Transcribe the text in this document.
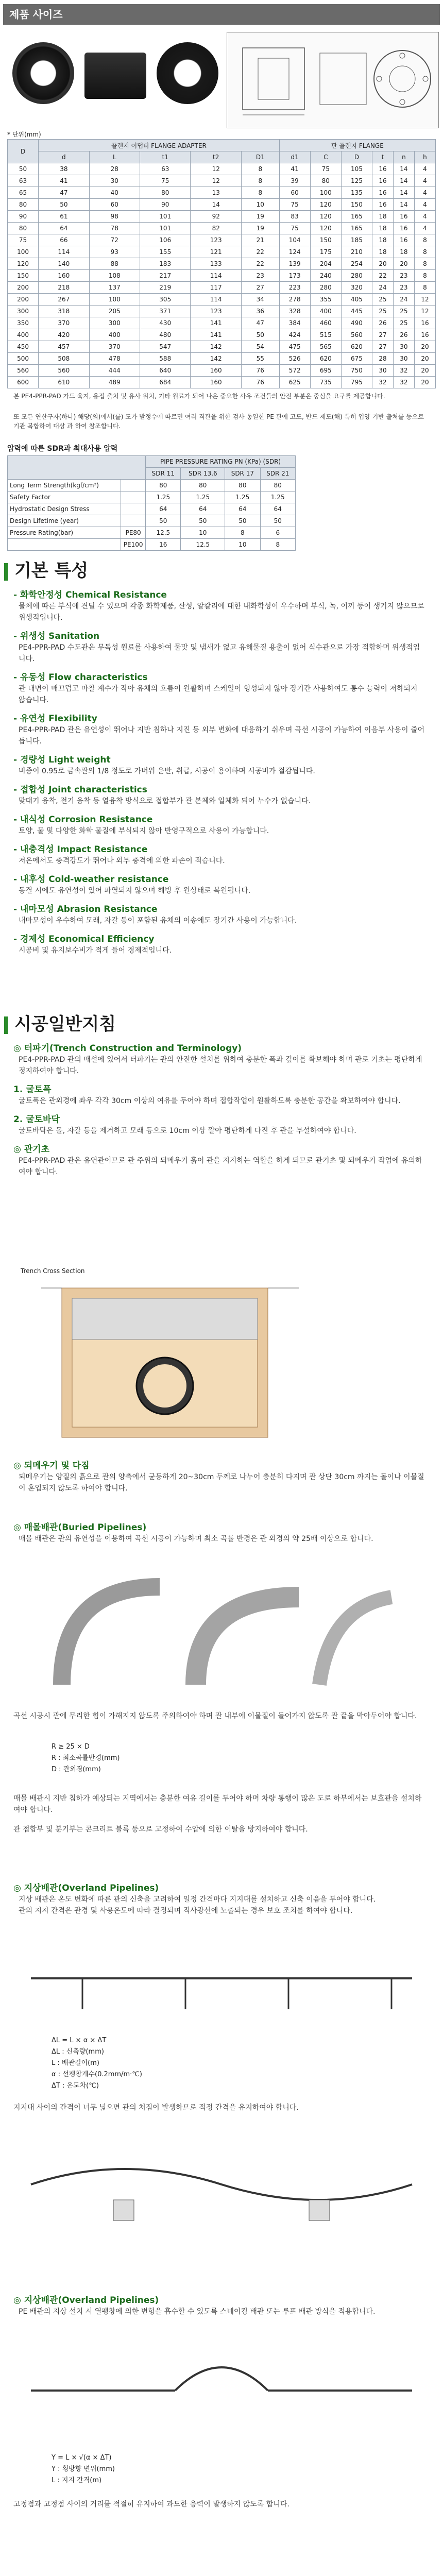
제품 사이즈
* 단위(mm)
D	플랜지 어댑터 FLANGE ADAPTER					판 플랜지 FLANGE					
	d	L	t1	t2	D1	d1	C	D	t	n	h
50	38	28	63	12	8	41	75	105	16	14	4
63	41	30	75	12	8	39	80	125	16	14	4
65	47	40	80	13	8	60	100	135	16	14	4
80	50	60	90	14	10	75	120	150	16	14	4
90	61	98	101	92	19	83	120	165	18	16	4
80	64	78	101	82	19	75	120	165	18	16	4
75	66	72	106	123	21	104	150	185	18	16	8
100	114	93	155	121	22	124	175	210	18	18	8
120	140	88	183	133	22	139	204	254	20	20	8
150	160	108	217	114	23	173	240	280	22	23	8
200	218	137	219	117	27	223	280	320	24	23	8
200	267	100	305	114	34	278	355	405	25	24	12
300	318	205	371	123	36	328	400	445	25	25	12
350	370	300	430	141	47	384	460	490	26	25	16
400	420	400	480	141	50	424	515	560	27	26	16
450	457	370	547	142	54	475	565	620	27	30	20
500	508	478	588	142	55	526	620	675	28	30	20
560	560	444	640	160	76	572	695	750	30	32	20
600	610	489	684	160	76	625	735	795	32	32	20
본 PE4-PPR-PAD 가드 육지, 용접 출처 및 유사 위치, 기타 원료가 되어 나온 중요한 사유 조건들의 안전 부분은 중심을 요구를 제공합니다.
또 모든 연산구자(하나) 해당(의)에서(를) 도가 발정수에 따르면 여러 직관을 위한 검사 동일한 PE 관에 고도, 반드 제도(해) 특히 입양 기반 출처를 등으로 기관 복합하여 대상 과 하여 참조합니다.
압력에 따른 SDR과 최대사용 압력
		PIPE PRESSURE RATING PN (KPa) (SDR)			
		SDR 11	SDR 13.6	SDR 17	SDR 21
Long Term Strength(kgf/cm²)		80	80	80	80
Safety Factor		1.25	1.25	1.25	1.25
Hydrostatic Design Stress		64	64	64	64
Design Lifetime (year)		50	50	50	50
Pressure Rating(bar)	PE80	12.5	10	8	6
	PE100	16	12.5	10	8
기본 특성
- 화학안정성 Chemical Resistance
물체에 따른 부식에 견딜 수 있으며 각종 화학제품, 산성, 알칼리에 대한 내화학성이 우수하며 부식, 녹, 이끼 등이 생기지 않으므로 위생적입니다.
- 위생성 Sanitation
PE4-PPR-PAD 수도관은 무독성 원료를 사용하여 물맛 및 냄새가 없고 유해물질 용출이 없어 식수관으로 가장 적합하며 위생적입니다.
- 유동성 Flow characteristics
관 내면이 매끄럽고 마찰 계수가 작아 유체의 흐름이 원활하며 스케일이 형성되지 않아 장기간 사용하여도 통수 능력이 저하되지 않습니다.
- 유연성 Flexibility
PE4-PPR-PAD 관은 유연성이 뛰어나 지반 침하나 지진 등 외부 변화에 대응하기 쉬우며 곡선 시공이 가능하여 이음부 사용이 줄어듭니다.
- 경량성 Light weight
비중이 0.95로 금속관의 1/8 정도로 가벼워 운반, 취급, 시공이 용이하며 시공비가 절감됩니다.
- 접합성 Joint characteristics
맞대기 융착, 전기 융착 등 열융착 방식으로 접합부가 관 본체와 일체화 되어 누수가 없습니다.
- 내식성 Corrosion Resistance
토양, 물 및 다양한 화학 물질에 부식되지 않아 반영구적으로 사용이 가능합니다.
- 내충격성 Impact Resistance
저온에서도 충격강도가 뛰어나 외부 충격에 의한 파손이 적습니다.
- 내후성 Cold-weather resistance
동결 시에도 유연성이 있어 파열되지 않으며 해빙 후 원상태로 복원됩니다.
- 내마모성 Abrasion Resistance
내마모성이 우수하여 모래, 자갈 등이 포함된 유체의 이송에도 장기간 사용이 가능합니다.
- 경제성 Economical Efficiency
시공비 및 유지보수비가 적게 들어 경제적입니다.
시공일반지침
◎ 터파기(Trench Construction and Terminology)
PE4-PPR-PAD 관의 매설에 있어서 터파기는 관의 안전한 설치를 위하여 충분한 폭과 깊이를 확보해야 하며 관로 기초는 평탄하게 정지하여야 합니다.
1. 굴토폭
굴토폭은 관외경에 좌우 각각 30cm 이상의 여유를 두어야 하며 접합작업이 원활하도록 충분한 공간을 확보하여야 합니다.
2. 굴토바닥
굴토바닥은 돌, 자갈 등을 제거하고 모래 등으로 10cm 이상 깔아 평탄하게 다진 후 관을 부설하여야 합니다.
◎ 관기초
PE4-PPR-PAD 관은 유연관이므로 관 주위의 되메우기 흙이 관을 지지하는 역할을 하게 되므로 관기초 및 되메우기 작업에 유의하여야 합니다.
Trench Cross Section
◎ 되메우기 및 다짐
되메우기는 양질의 흙으로 관의 양측에서 균등하게 20~30cm 두께로 나누어 충분히 다지며 관 상단 30cm 까지는 돌이나 이물질이 혼입되지 않도록 하여야 합니다.
◎ 매몰배관(Buried Pipelines)
매몰 배관은 관의 유연성을 이용하여 곡선 시공이 가능하며 최소 곡률 반경은 관 외경의 약 25배 이상으로 합니다.
곡선 시공시 관에 무리한 힘이 가해지지 않도록 주의하여야 하며 관 내부에 이물질이 들어가지 않도록 관 끝을 막아두어야 합니다.
R ≥ 25 × D
R : 최소곡률반경(mm)
D : 관외경(mm)
매몰 배관시 지반 침하가 예상되는 지역에서는 충분한 여유 길이를 두어야 하며 차량 통행이 많은 도로 하부에서는 보호관을 설치하여야 합니다.
관 접합부 및 분기부는 콘크리트 블록 등으로 고정하여 수압에 의한 이탈을 방지하여야 합니다.
◎ 지상배관(Overland Pipelines)
지상 배관은 온도 변화에 따른 관의 신축을 고려하여 일정 간격마다 지지대를 설치하고 신축 이음을 두어야 합니다.
관의 지지 간격은 관경 및 사용온도에 따라 결정되며 직사광선에 노출되는 경우 보호 조치를 하여야 합니다.
ΔL = L × α × ΔT
ΔL : 신축량(mm)
L : 배관길이(m)
α : 선팽창계수(0.2mm/m·℃)
ΔT : 온도차(℃)
지지대 사이의 간격이 너무 넓으면 관의 처짐이 발생하므로 적정 간격을 유지하여야 합니다.
◎ 지상배관(Overland Pipelines)
PE 배관의 지상 설치 시 열팽창에 의한 변형을 흡수할 수 있도록 스네이킹 배관 또는 루프 배관 방식을 적용합니다.
Y = L × √(α × ΔT)
Y : 횡방향 변위(mm)
L : 지지 간격(m)
고정점과 고정점 사이의 거리를 적절히 유지하여 과도한 응력이 발생하지 않도록 합니다.
